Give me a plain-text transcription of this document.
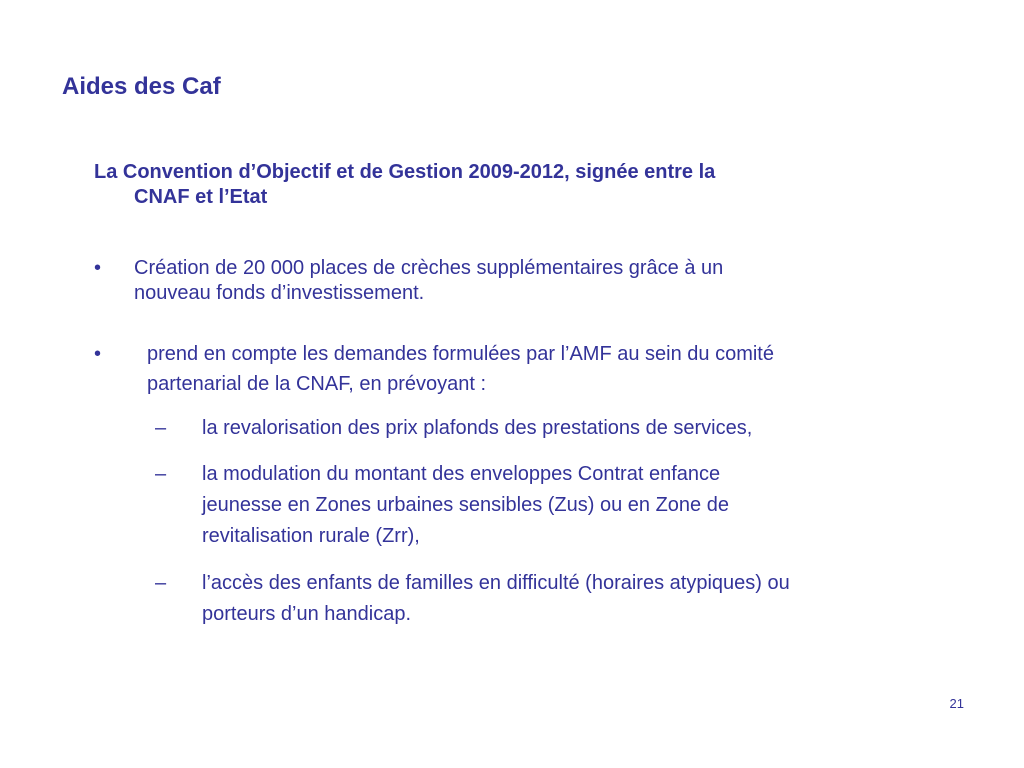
Aides des Caf
La Convention d’Objectif et de Gestion 2009-2012, signée entre la
CNAF et l’Etat
• Création de 20 000 places de crèches supplémentaires grâce à un

nouveau fonds d’investissement.

• prend en compte les demandes formulées par l’AMF au sein du comité

partenarial de la CNAF, en prévoyant :

– la revalorisation des prix plafonds des prestations de services,

– la modulation du montant des enveloppes Contrat enfance

jeunesse en Zones urbaines sensibles (Zus) ou en Zone de

revitalisation rurale (Zrr),

– l’accès des enfants de familles en difficulté (horaires atypiques) ou

porteurs d’un handicap.

21
